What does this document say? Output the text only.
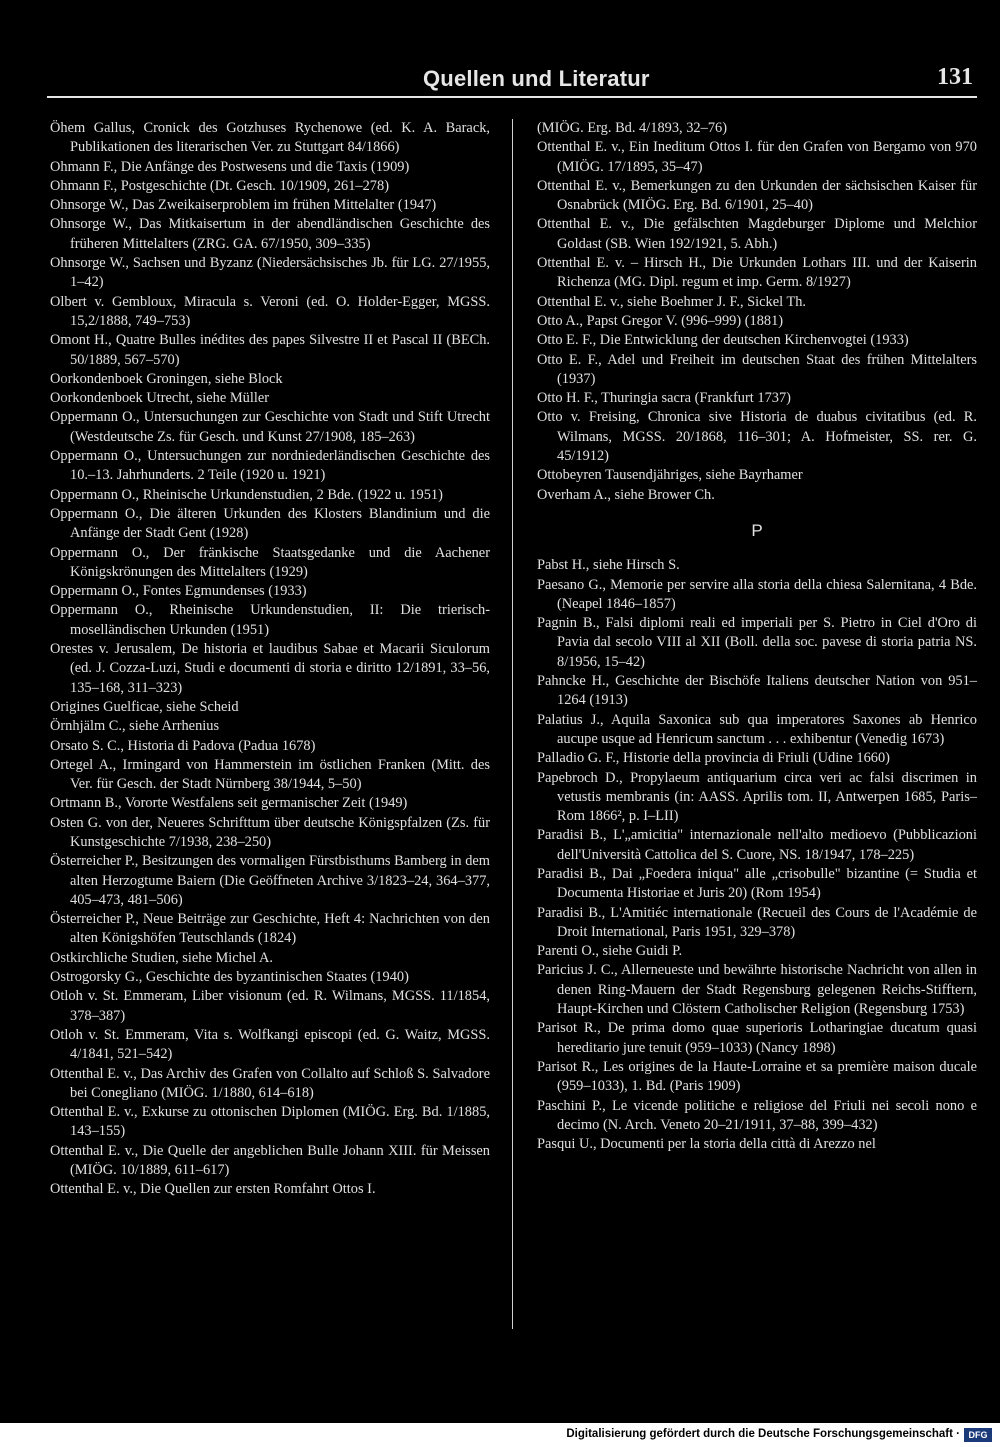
Quellen und Literatur	131

Öhem Gallus, Cronick des Gotzhuses Rychenowe (ed. K. A. Barack, Publikationen des literarischen Ver. zu Stuttgart 84/1866)

Ohmann F., Die Anfänge des Postwesens und die Taxis (1909)

Ohmann F., Postgeschichte (Dt. Gesch. 10/1909, 261–278)

Ohnsorge W., Das Zweikaiserproblem im frühen Mittelalter (1947)

Ohnsorge W., Das Mitkaisertum in der abendländischen Geschichte des früheren Mittelalters (ZRG. GA. 67/1950, 309–335)

Ohnsorge W., Sachsen und Byzanz (Niedersächsisches Jb. für LG. 27/1955, 1–42)

Olbert v. Gembloux, Miracula s. Veroni (ed. O. Holder-Egger, MGSS. 15,2/1888, 749–753)

Omont H., Quatre Bulles inédites des papes Silvestre II et Pascal II (BECh. 50/1889, 567–570)

Oorkondenboek Groningen, siehe Block

Oorkondenboek Utrecht, siehe Müller

Oppermann O., Untersuchungen zur Geschichte von Stadt und Stift Utrecht (Westdeutsche Zs. für Gesch. und Kunst 27/1908, 185–263)

Oppermann O., Untersuchungen zur nordniederländischen Geschichte des 10.–13. Jahrhunderts. 2 Teile (1920 u. 1921)

Oppermann O., Rheinische Urkundenstudien, 2 Bde. (1922 u. 1951)

Oppermann O., Die älteren Urkunden des Klosters Blandinium und die Anfänge der Stadt Gent (1928)

Oppermann O., Der fränkische Staatsgedanke und die Aachener Königskrönungen des Mittelalters (1929)

Oppermann O., Fontes Egmundenses (1933)

Oppermann O., Rheinische Urkundenstudien, II: Die trierisch-moselländischen Urkunden (1951)

Orestes v. Jerusalem, De historia et laudibus Sabae et Macarii Siculorum (ed. J. Cozza-Luzi, Studi e documenti di storia e diritto 12/1891, 33–56, 135–168, 311–323)

Origines Guelficae, siehe Scheid

Örnhjälm C., siehe Arrhenius

Orsato S. C., Historia di Padova (Padua 1678)

Ortegel A., Irmingard von Hammerstein im östlichen Franken (Mitt. des Ver. für Gesch. der Stadt Nürnberg 38/1944, 5–50)

Ortmann B., Vororte Westfalens seit germanischer Zeit (1949)

Osten G. von der, Neueres Schrifttum über deutsche Königspfalzen (Zs. für Kunstgeschichte 7/1938, 238–250)

Österreicher P., Besitzungen des vormaligen Fürstbisthums Bamberg in dem alten Herzogtume Baiern (Die Geöffneten Archive 3/1823–24, 364–377, 405–473, 481–506)

Österreicher P., Neue Beiträge zur Geschichte, Heft 4: Nachrichten von den alten Königshöfen Teutschlands (1824)

Ostkirchliche Studien, siehe Michel A.

Ostrogorsky G., Geschichte des byzantinischen Staates (1940)

Otloh v. St. Emmeram, Liber visionum (ed. R. Wilmans, MGSS. 11/1854, 378–387)

Otloh v. St. Emmeram, Vita s. Wolfkangi episcopi (ed. G. Waitz, MGSS. 4/1841, 521–542)

Ottenthal E. v., Das Archiv des Grafen von Collalto auf Schloß S. Salvadore bei Conegliano (MIÖG. 1/1880, 614–618)

Ottenthal E. v., Exkurse zu ottonischen Diplomen (MIÖG. Erg. Bd. 1/1885, 143–155)

Ottenthal E. v., Die Quelle der angeblichen Bulle Johann XIII. für Meissen (MIÖG. 10/1889, 611–617)

Ottenthal E. v., Die Quellen zur ersten Romfahrt Ottos I.

(MIÖG. Erg. Bd. 4/1893, 32–76)

Ottenthal E. v., Ein Ineditum Ottos I. für den Grafen von Bergamo von 970 (MIÖG. 17/1895, 35–47)

Ottenthal E. v., Bemerkungen zu den Urkunden der sächsischen Kaiser für Osnabrück (MIÖG. Erg. Bd. 6/1901, 25–40)

Ottenthal E. v., Die gefälschten Magdeburger Diplome und Melchior Goldast (SB. Wien 192/1921, 5. Abh.)

Ottenthal E. v. – Hirsch H., Die Urkunden Lothars III. und der Kaiserin Richenza (MG. Dipl. regum et imp. Germ. 8/1927)

Ottenthal E. v., siehe Boehmer J. F., Sickel Th.

Otto A., Papst Gregor V. (996–999) (1881)

Otto E. F., Die Entwicklung der deutschen Kirchenvogtei (1933)

Otto E. F., Adel und Freiheit im deutschen Staat des frühen Mittelalters (1937)

Otto H. F., Thuringia sacra (Frankfurt 1737)

Otto v. Freising, Chronica sive Historia de duabus civitatibus (ed. R. Wilmans, MGSS. 20/1868, 116–301; A. Hofmeister, SS. rer. G. 45/1912)

Ottobeyren Tausendjähriges, siehe Bayrhamer

Overham A., siehe Brower Ch.

P

Pabst H., siehe Hirsch S.

Paesano G., Memorie per servire alla storia della chiesa Salernitana, 4 Bde. (Neapel 1846–1857)

Pagnin B., Falsi diplomi reali ed imperiali per S. Pietro in Ciel d'Oro di Pavia dal secolo VIII al XII (Boll. della soc. pavese di storia patria NS. 8/1956, 15–42)

Pahncke H., Geschichte der Bischöfe Italiens deutscher Nation von 951–1264 (1913)

Palatius J., Aquila Saxonica sub qua imperatores Saxones ab Henrico aucupe usque ad Henricum sanctum . . . exhibentur (Venedig 1673)

Palladio G. F., Historie della provincia di Friuli (Udine 1660)

Papebroch D., Propylaeum antiquarium circa veri ac falsi discrimen in vetustis membranis (in: AASS. Aprilis tom. II, Antwerpen 1685, Paris–Rom 1866², p. I–LII)

Paradisi B., L'„amicitia" internazionale nell'alto medioevo (Pubblicazioni dell'Università Cattolica del S. Cuore, NS. 18/1947, 178–225)

Paradisi B., Dai „Foedera iniqua" alle „crisobulle" bizantine (= Studia et Documenta Historiae et Juris 20) (Rom 1954)

Paradisi B., L'Amitiéc internationale (Recueil des Cours de l'Académie de Droit International, Paris 1951, 329–378)

Parenti O., siehe Guidi P.

Paricius J. C., Allerneueste und bewährte historische Nachricht von allen in denen Ring-Mauern der Stadt Regensburg gelegenen Reichs-Stifftern, Haupt-Kirchen und Clöstern Catholischer Religion (Regensburg 1753)

Parisot R., De prima domo quae superioris Lotharingiae ducatum quasi hereditario jure tenuit (959–1033) (Nancy 1898)

Parisot R., Les origines de la Haute-Lorraine et sa première maison ducale (959–1033), 1. Bd. (Paris 1909)

Paschini P., Le vicende politiche e religiose del Friuli nei secoli nono e decimo (N. Arch. Veneto 20–21/1911, 37–88, 399–432)

Pasqui U., Documenti per la storia della città di Arezzo nel

Digitalisierung gefördert durch die Deutsche Forschungsgemeinschaft · DFG
